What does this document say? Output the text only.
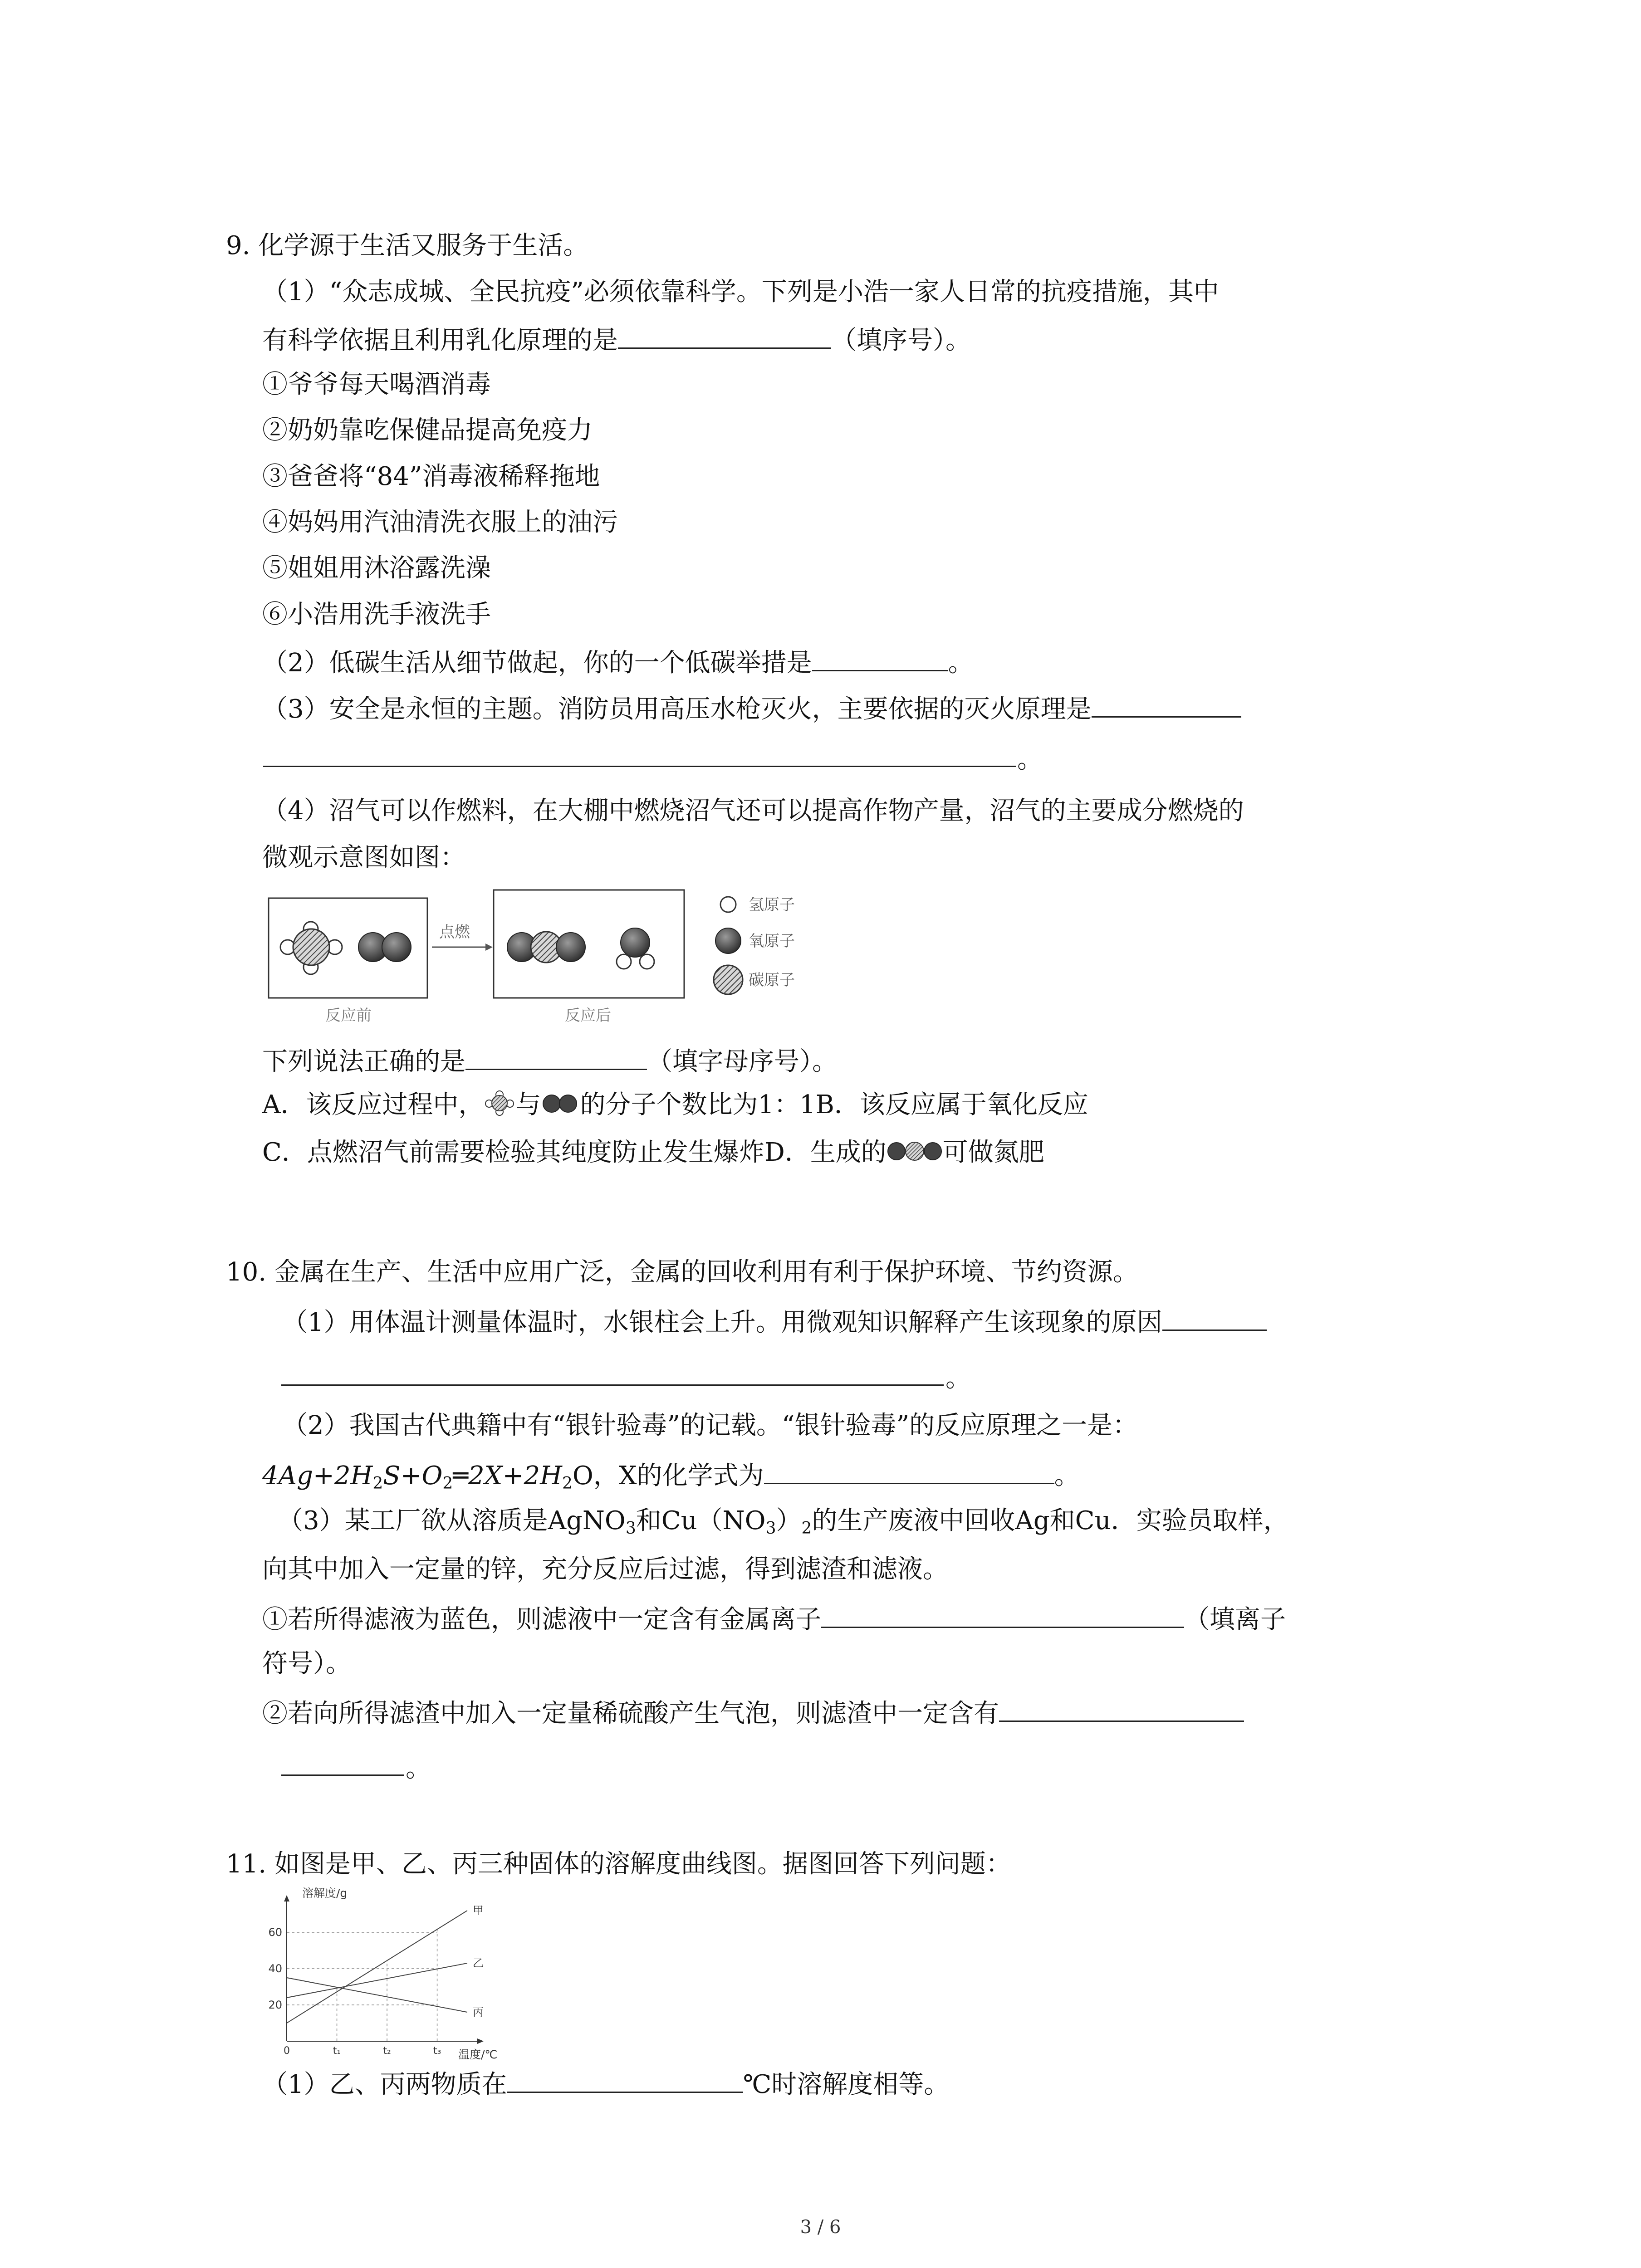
9. 化学源于生活又服务于生活。
（1）“众志成城、全民抗疫”必须依靠科学。下列是小浩一家人日常的抗疫措施，其中
有科学依据且利用乳化原理的是	（填序号）。
①爷爷每天喝酒消毒
②奶奶靠吃保健品提高免疫力
③爸爸将“84”消毒液稀释拖地
④妈妈用汽油清洗衣服上的油污
⑤姐姐用沐浴露洗澡
⑥小浩用洗手液洗手
（2）低碳生活从细节做起，你的一个低碳举措是	。
（3）安全是永恒的主题。消防员用高压水枪灭火，主要依据的灭火原理是
。
（4）沼气可以作燃料，在大棚中燃烧沼气还可以提高作物产量，沼气的主要成分燃烧的
微观示意图如图：
点燃
反应前	反应后
氢原子
氧原子
碳原子
下列说法正确的是	（填字母序号）。
A．该反应过程中， 与 的分子个数比为1：1B．该反应属于氧化反应
C．点燃沼气前需要检验其纯度防止发生爆炸D．生成的 可做氮肥
10. 金属在生产、生活中应用广泛，金属的回收利用有利于保护环境、节约资源。
（1）用体温计测量体温时，水银柱会上升。用微观知识解释产生该现象的原因
。
（2）我国古代典籍中有“银针验毒”的记载。“银针验毒”的反应原理之一是：
$4Ag+2H_2S+O_2═2X+2H_2O$，X的化学式为	。
（3）某工厂欲从溶质是AgNO$_3$和$Cu(NO_3)_2$的生产废液中回收Ag和Cu．实验员取样，
向其中加入一定量的锌，充分反应后过滤，得到滤渣和滤液。
①若所得滤液为蓝色，则滤液中一定含有金属离子	（填离子
符号）。
②若向所得滤渣中加入一定量稀硫酸产生气泡，则滤渣中一定含有
。
11. 如图是甲、乙、丙三种固体的溶解度曲线图。据图回答下列问题：
溶解度/g
温度/℃
20
40
60
0	t₁	t₂	t₃
甲
乙
丙
（1）乙、丙两物质在	℃时溶解度相等。
3 / 6
